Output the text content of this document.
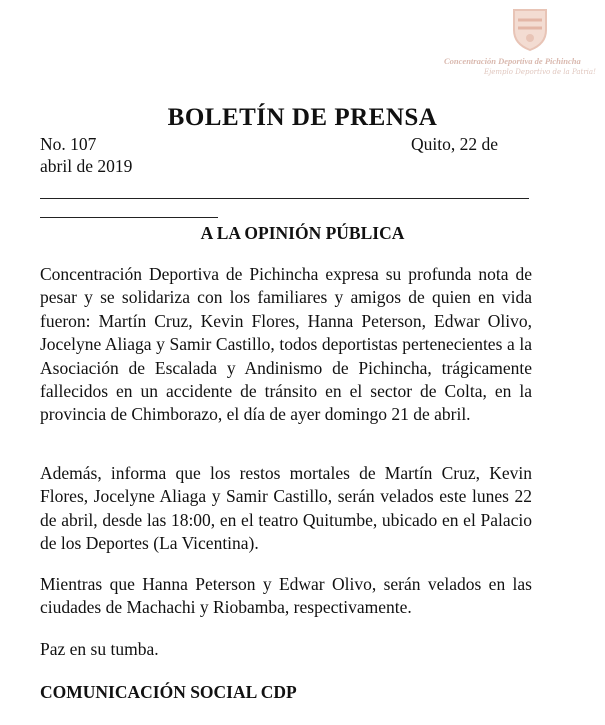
Concentración Deportiva de Pichincha
Ejemplo Deportivo de la Patria!
BOLETÍN DE PRENSA
No. 107	Quito, 22 de
abril de 2019
A LA OPINIÓN PÚBLICA

Concentración Deportiva de Pichincha expresa su profunda nota de pesar y se solidariza con los familiares y amigos de quien en vida fueron: Martín Cruz, Kevin Flores, Hanna Peterson, Edwar Olivo, Jocelyne Aliaga y Samir Castillo, todos deportistas pertenecientes a la Asociación de Escalada y Andinismo de Pichincha, trágicamente fallecidos en un accidente de tránsito en el sector de Colta, en la provincia de Chimborazo, el día de ayer domingo 21 de abril.

Además, informa que los restos mortales de Martín Cruz, Kevin Flores, Jocelyne Aliaga y Samir Castillo, serán velados este lunes 22 de abril, desde las 18:00, en el teatro Quitumbe, ubicado en el Palacio de los Deportes (La Vicentina).

Mientras que Hanna Peterson y Edwar Olivo, serán velados en las ciudades de Machachi y Riobamba, respectivamente.

Paz en su tumba.

COMUNICACIÓN SOCIAL CDP
